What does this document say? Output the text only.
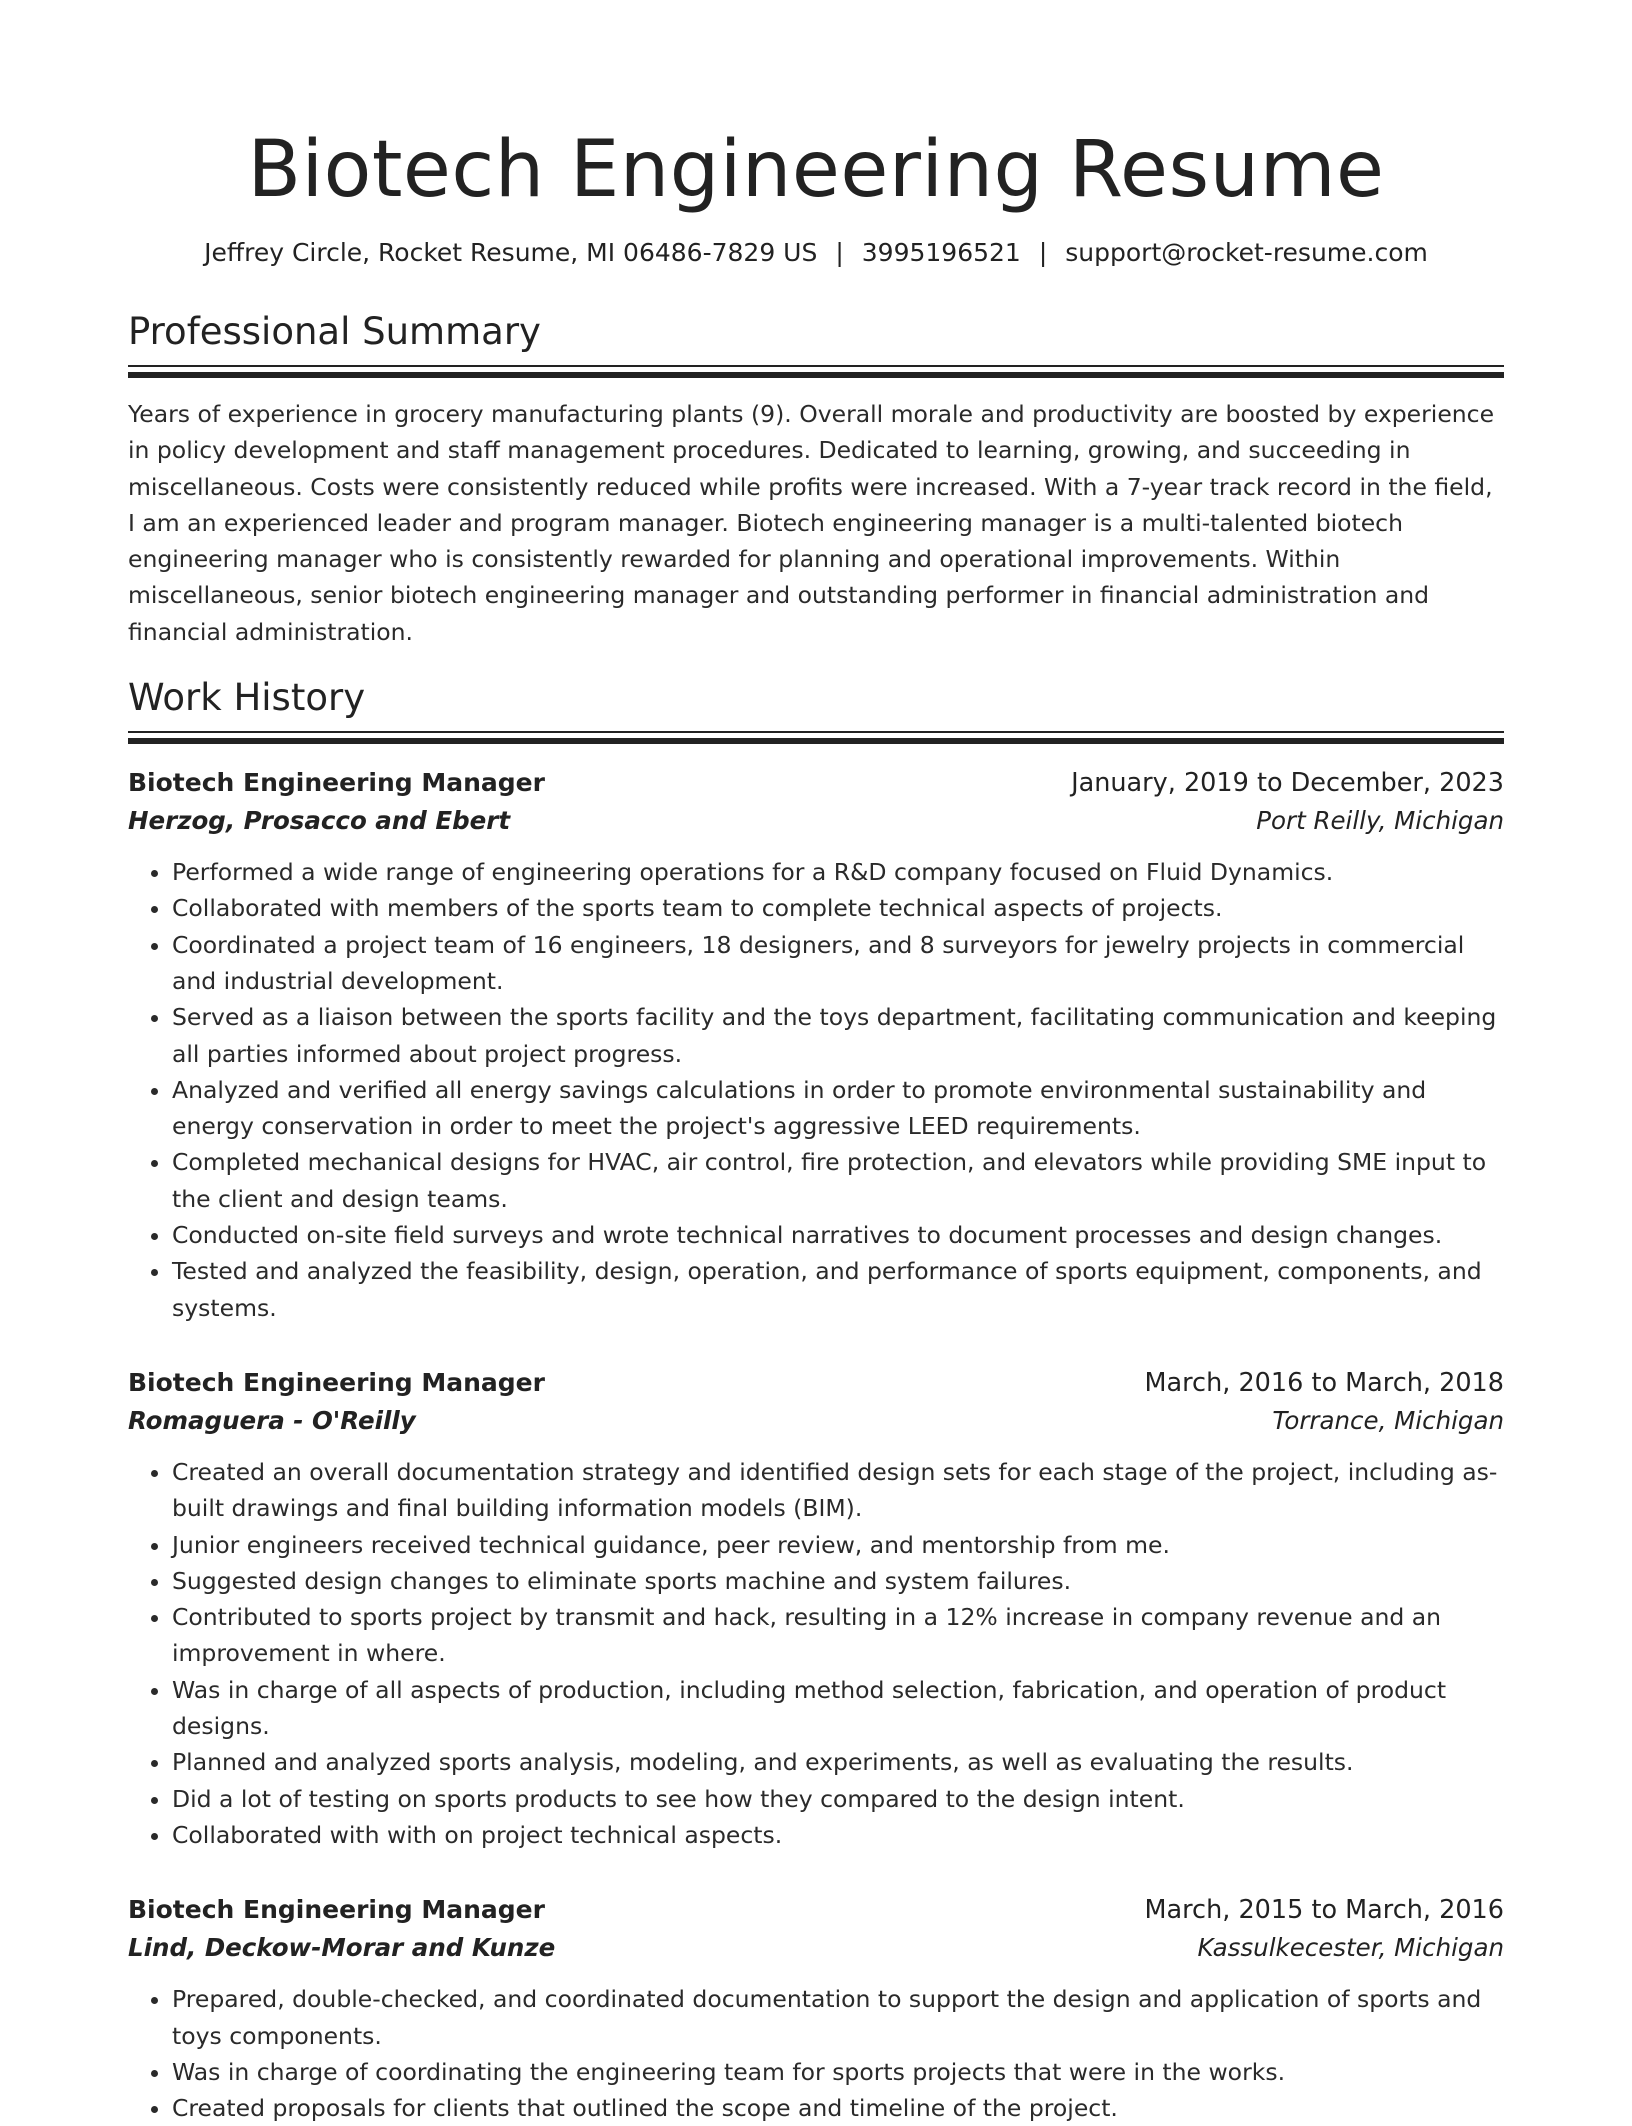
Biotech Engineering Resume
Jeffrey Circle, Rocket Resume, MI 06486-7829 US | 3995196521 | support@rocket-resume.com
Professional Summary

Years of experience in grocery manufacturing plants (9). Overall morale and productivity are boosted by experience in policy development and staff management procedures. Dedicated to learning, growing, and succeeding in miscellaneous. Costs were consistently reduced while profits were increased. With a 7-year track record in the field, I am an experienced leader and program manager. Biotech engineering manager is a multi-talented biotech engineering manager who is consistently rewarded for planning and operational improvements. Within miscellaneous, senior biotech engineering manager and outstanding performer in financial administration and financial administration.

Work History
Biotech Engineering Manager	January, 2019 to December, 2023
Herzog, Prosacco and Ebert	Port Reilly, Michigan
• Performed a wide range of engineering operations for a R&D company focused on Fluid Dynamics.
• Collaborated with members of the sports team to complete technical aspects of projects.
• Coordinated a project team of 16 engineers, 18 designers, and 8 surveyors for jewelry projects in commercial and industrial development.
• Served as a liaison between the sports facility and the toys department, facilitating communication and keeping all parties informed about project progress.
• Analyzed and verified all energy savings calculations in order to promote environmental sustainability and energy conservation in order to meet the project's aggressive LEED requirements.
• Completed mechanical designs for HVAC, air control, fire protection, and elevators while providing SME input to the client and design teams.
• Conducted on-site field surveys and wrote technical narratives to document processes and design changes.
• Tested and analyzed the feasibility, design, operation, and performance of sports equipment, components, and systems.
Biotech Engineering Manager	March, 2016 to March, 2018
Romaguera - O'Reilly	Torrance, Michigan
• Created an overall documentation strategy and identified design sets for each stage of the project, including as-built drawings and final building information models (BIM).
• Junior engineers received technical guidance, peer review, and mentorship from me.
• Suggested design changes to eliminate sports machine and system failures.
• Contributed to sports project by transmit and hack, resulting in a 12% increase in company revenue and an improvement in where.
• Was in charge of all aspects of production, including method selection, fabrication, and operation of product designs.
• Planned and analyzed sports analysis, modeling, and experiments, as well as evaluating the results.
• Did a lot of testing on sports products to see how they compared to the design intent.
• Collaborated with with on project technical aspects.
Biotech Engineering Manager	March, 2015 to March, 2016
Lind, Deckow-Morar and Kunze	Kassulkecester, Michigan
• Prepared, double-checked, and coordinated documentation to support the design and application of sports and toys components.
• Was in charge of coordinating the engineering team for sports projects that were in the works.
• Created proposals for clients that outlined the scope and timeline of the project.
